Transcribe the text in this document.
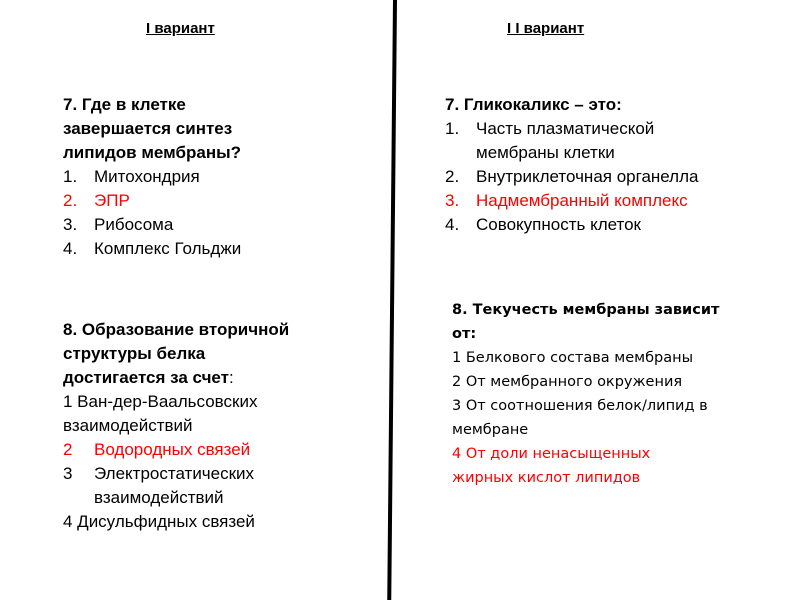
I вариант	I I вариант
7. Где в клетке
завершается синтез
липидов мембраны?
1. Митохондрия
2. ЭПР
3. Рибосома
4. Комплекс Гольджи
8. Образование вторичной
структуры белка
достигается за счет:
1 Ван-дер-Ваальсовских
взаимодействий
2 Водородных связей
3 Электростатических
взаимодействий
4 Дисульфидных связей
7. Гликокаликс – это:
1. Часть плазматической
мембраны клетки
2. Внутриклеточная органелла
3. Надмембранный комплекс
4. Совокупность клеток
8. Текучесть мембраны зависит
от:
1 Белкового состава мембраны
2 От мембранного окружения
3 От соотношения белок/липид в
мембране
4 От доли ненасыщенных
жирных кислот липидов
